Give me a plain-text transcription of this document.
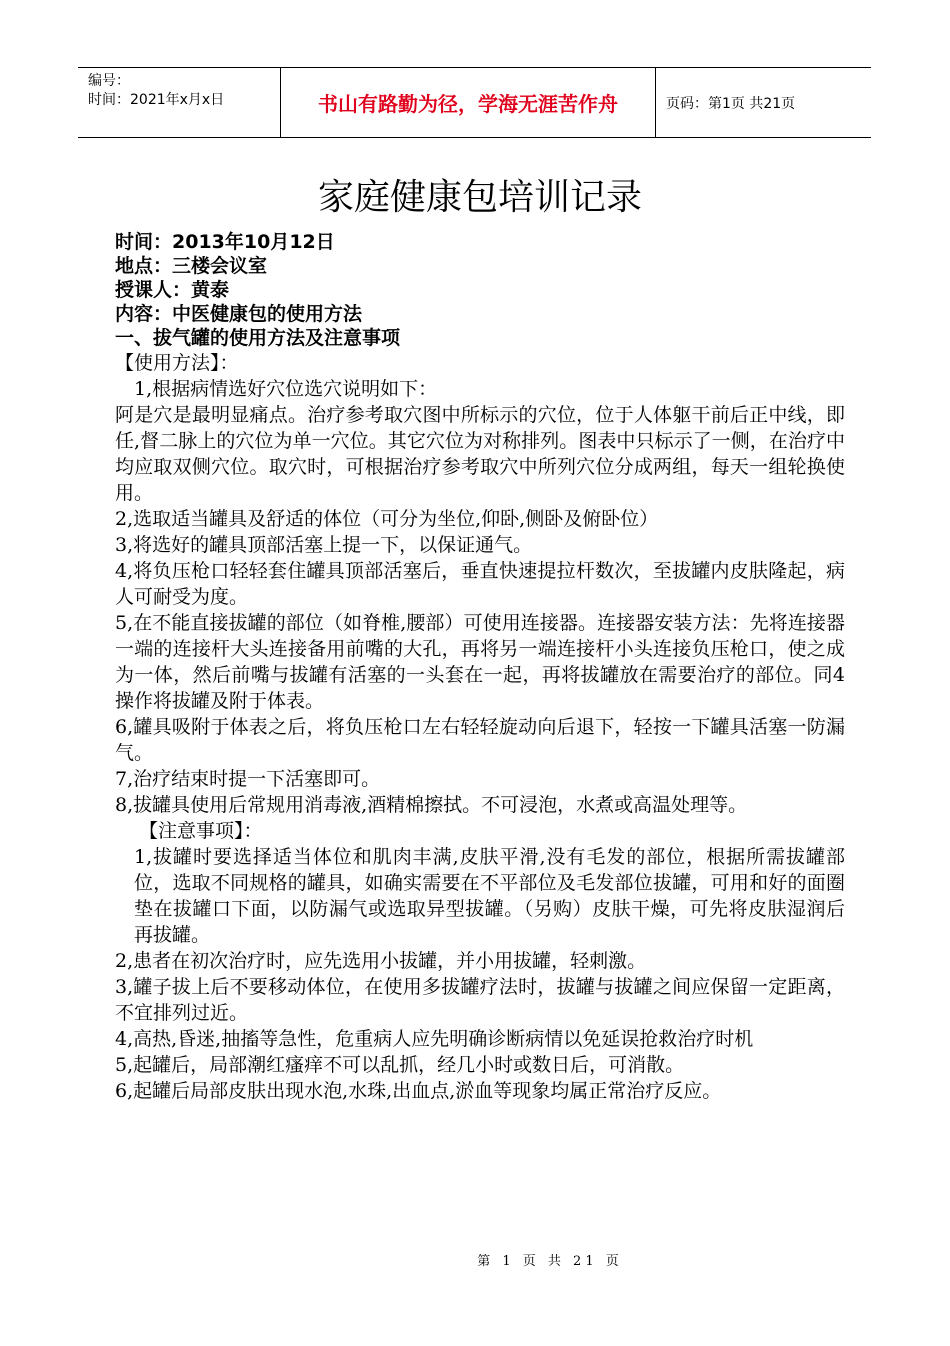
编号：
时间：2021年x月x日	书山有路勤为径，学海无涯苦作舟	页码：第1页 共21页
家庭健康包培训记录
时间：2013年10月12日
地点：三楼会议室
授课人：黄泰
内容：中医健康包的使用方法
一、拔气罐的使用方法及注意事项

【使用方法】：

1,根据病情选好穴位选穴说明如下：

阿是穴是最明显痛点。治疗参考取穴图中所标示的穴位，位于人体躯干前后正中线，即任,督二脉上的穴位为单一穴位。其它穴位为对称排列。图表中只标示了一侧，在治疗中均应取双侧穴位。取穴时，可根据治疗参考取穴中所列穴位分成两组，每天一组轮换使用。

2,选取适当罐具及舒适的体位（可分为坐位,仰卧,侧卧及俯卧位）

3,将选好的罐具顶部活塞上提一下，以保证通气。

4,将负压枪口轻轻套住罐具顶部活塞后，垂直快速提拉杆数次，至拔罐内皮肤隆起，病人可耐受为度。

5,在不能直接拔罐的部位（如脊椎,腰部）可使用连接器。连接器安装方法：先将连接器一端的连接杆大头连接备用前嘴的大孔，再将另一端连接杆小头连接负压枪口，使之成为一体，然后前嘴与拔罐有活塞的一头套在一起，再将拔罐放在需要治疗的部位。同4操作将拔罐及附于体表。

6,罐具吸附于体表之后，将负压枪口左右轻轻旋动向后退下，轻按一下罐具活塞一防漏气。

7,治疗结束时提一下活塞即可。

8,拔罐具使用后常规用消毒液,酒精棉擦拭。不可浸泡，水煮或高温处理等。

【注意事项】：

1,拔罐时要选择适当体位和肌肉丰满,皮肤平滑,没有毛发的部位，根据所需拔罐部位，选取不同规格的罐具，如确实需要在不平部位及毛发部位拔罐，可用和好的面圈垫在拔罐口下面，以防漏气或选取异型拔罐。（另购）皮肤干燥，可先将皮肤湿润后再拔罐。

2,患者在初次治疗时，应先选用小拔罐，并小用拔罐，轻刺激。

3,罐子拔上后不要移动体位，在使用多拔罐疗法时，拔罐与拔罐之间应保留一定距离，不宜排列过近。

4,高热,昏迷,抽搐等急性，危重病人应先明确诊断病情以免延误抢救治疗时机

5,起罐后，局部潮红瘙痒不可以乱抓，经几小时或数日后，可消散。

6,起罐后局部皮肤出现水泡,水珠,出血点,淤血等现象均属正常治疗反应。

第 1 页 共 21 页
